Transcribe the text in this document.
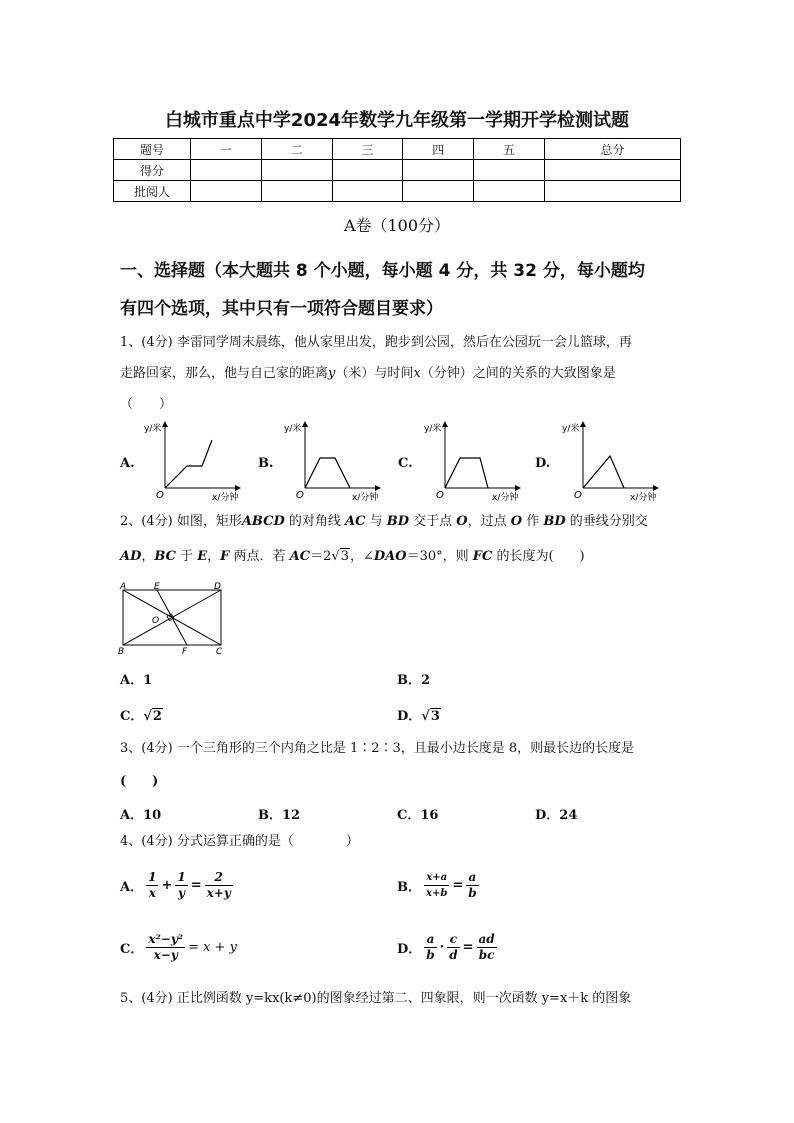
白城市重点中学2024年数学九年级第一学期开学检测试题
题号	一	二	三	四	五	总分
得分						
批阅人						
A卷（100分）
一、选择题（本大题共 8 个小题，每小题 4 分，共 32 分，每小题均
有四个选项，其中只有一项符合题目要求）
1、(4分) 李雷同学周末晨练，他从家里出发，跑步到公园，然后在公园玩一会儿篮球，再
走路回家，那么，他与自己家的距离y（米）与时间x（分钟）之间的关系的大致图象是
（　　）
A.	B.	C.	D.
y/米
x/分钟
O
y/米
x/分钟
O
y/米
x/分钟
O
y/米
x/分钟
O
2、(4分) 如图，矩形ABCD 的对角线 AC 与 BD 交于点 O，过点 O 作 BD 的垂线分别交
AD，BC 于 E，F 两点．若 AC＝2√3，∠DAO＝30°，则 FC 的长度为(　　)
A	E	D
O
B	F	C
A．1	B．2
C．√2	D．√3
3、(4分) 一个三角形的三个内角之比是 1∶2∶3，且最小边长度是 8，则最长边的长度是
(　　)
A．10	B．12	C．16	D．24
4、(4分) 分式运算正确的是（　　　　）
A． $\frac{1}{x} + \frac{1}{y} = \frac{2}{x+y}$	B． $\frac{x+a}{x+b} = \frac{a}{b}$
C． $\frac{\text{x²−y²}}{x-y} = x + y$	D． $\frac{a}{b} \cdot \frac{c}{d} = \frac{ad}{bc}$
5、(4分) 正比例函数 y=kx(k≠0)的图象经过第二、四象限，则一次函数 y=x＋k 的图象
